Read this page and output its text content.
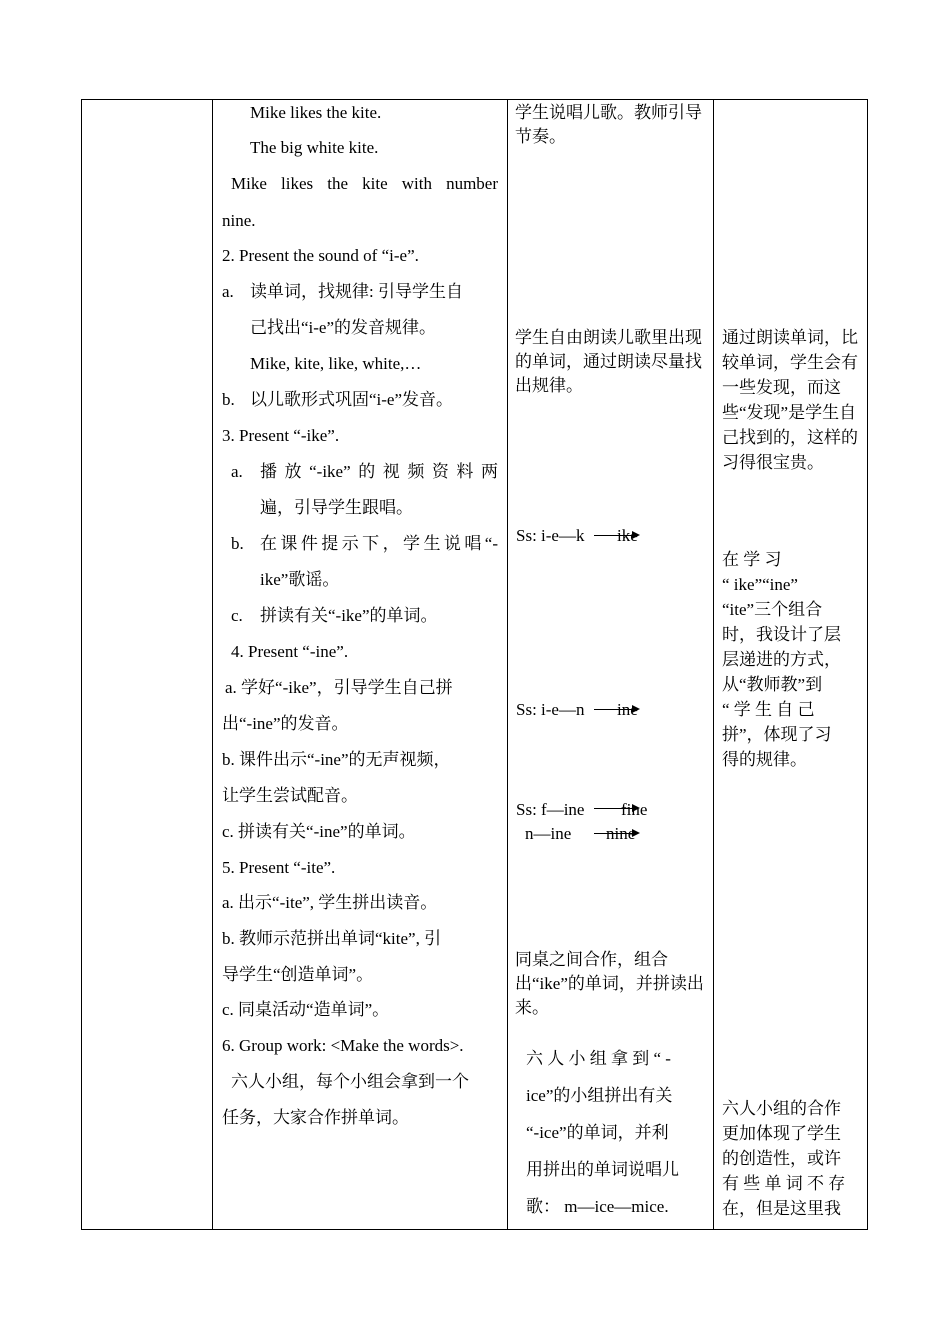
Mike likes the kite.
The big white kite.
Mike likes the kite with number
nine.
2. Present the sound of “i-e”.
a. 读单词，找规律: 引导学生自
己找出“i-e”的发音规律。
Mike, kite, like, white,…
b. 以儿歌形式巩固“i-e”发音。
3. Present “-ike”.
a. 播放“-ike”的视频资料两
遍，引导学生跟唱。
b. 在课件提示下，学生说唱“-
ike”歌谣。
c. 拼读有关“-ike”的单词。
4. Present “-ine”.
a. 学好“-ike”，引导学生自己拼
出“-ine”的发音。
b. 课件出示“-ine”的无声视频，
让学生尝试配音。
c. 拼读有关“-ine”的单词。
5. Present “-ite”.
a. 出示“-ite”, 学生拼出读音。
b. 教师示范拼出单词“kite”, 引
导学生“创造单词”。
c. 同桌活动“造单词”。
6. Group work: <Make the words>.
六人小组，每个小组会拿到一个
任务，大家合作拼单词。
学生说唱儿歌。教师引导节奏。
学生自由朗读儿歌里出现的单词，通过朗读尽量找出规律。
Ss: i-e—k ike
Ss: i-e—n ine
Ss: f—ine fine
n—ine nine
同桌之间合作，组合出“ike”的单词，并拼读出来。
六 人 小 组 拿 到 “ -
ice”的小组拼出有关
“-ice”的单词，并利
用拼出的单词说唱儿
歌： m—ice—mice.
通过朗读单词，比较单词，学生会有一些发现，而这些“发现”是学生自己找到的，这样的习得很宝贵。
在 学 习
“ ike”“ine”
“ite”三个组合
时，我设计了层
层递进的方式，
从“教师教”到
“ 学 生 自 己
拼”，体现了习
得的规律。
六人小组的合作
更加体现了学生
的创造性，或许
有 些 单 词 不 存
在，但是这里我
